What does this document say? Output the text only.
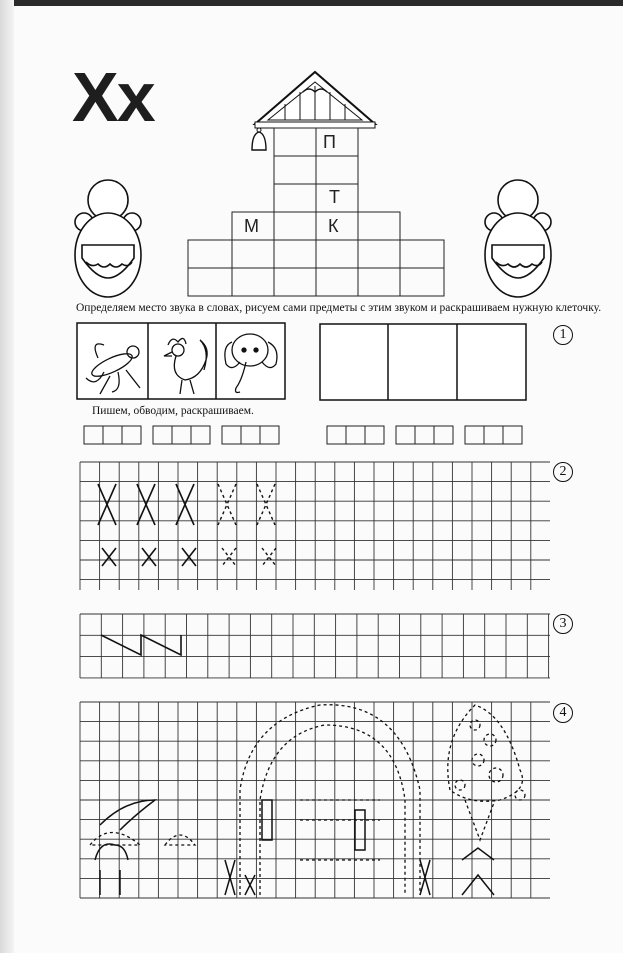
Xx
П
Т
М	К
Определяем место звука в словах, рисуем сами предметы с этим звуком и раскрашиваем нужную клеточку.
Пишем, обводим, раскрашиваем.
1
2
3
4
